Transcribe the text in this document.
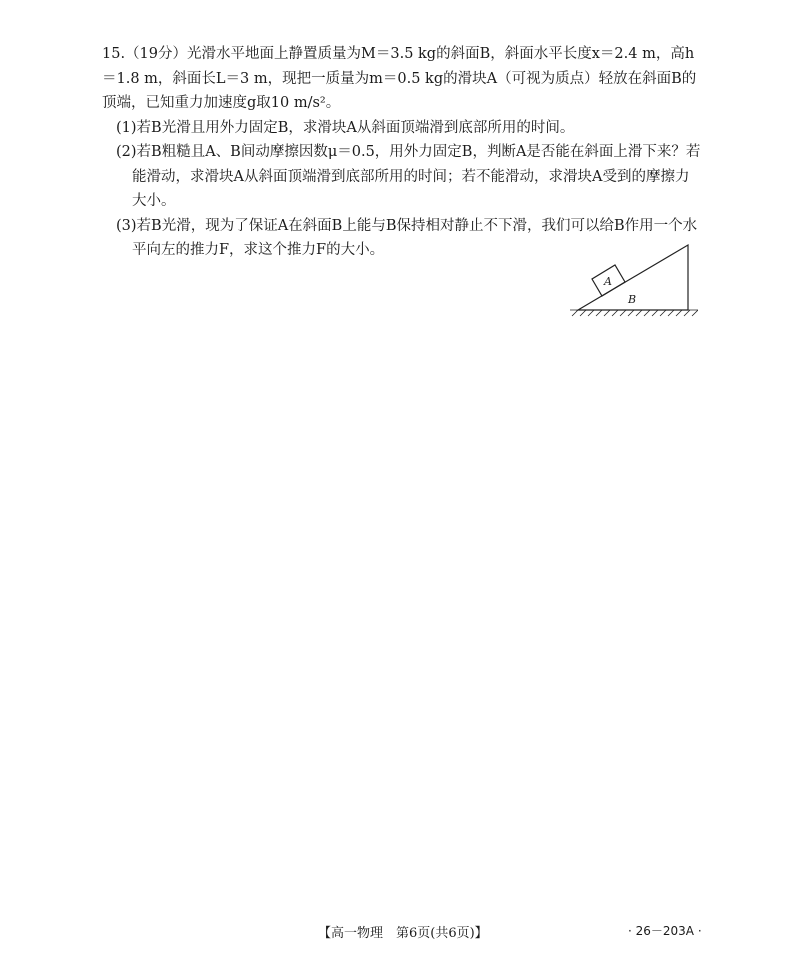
15.（19分）光滑水平地面上静置质量为M＝3.5 kg的斜面B，斜面水平长度x＝2.4 m，高h＝1.8 m，斜面长L＝3 m，现把一质量为m＝0.5 kg的滑块A（可视为质点）轻放在斜面B的顶端，已知重力加速度g取10 m/s²。

(1)若B光滑且用外力固定B，求滑块A从斜面顶端滑到底部所用的时间。

(2)若B粗糙且A、B间动摩擦因数μ＝0.5，用外力固定B，判断A是否能在斜面上滑下来？若能滑动，求滑块A从斜面顶端滑到底部所用的时间；若不能滑动，求滑块A受到的摩擦力大小。

(3)若B光滑，现为了保证A在斜面B上能与B保持相对静止不下滑，我们可以给B作用一个水平向左的推力F，求这个推力F的大小。

A
B
【高一物理　第6页(共6页)】	· 26－203A ·
